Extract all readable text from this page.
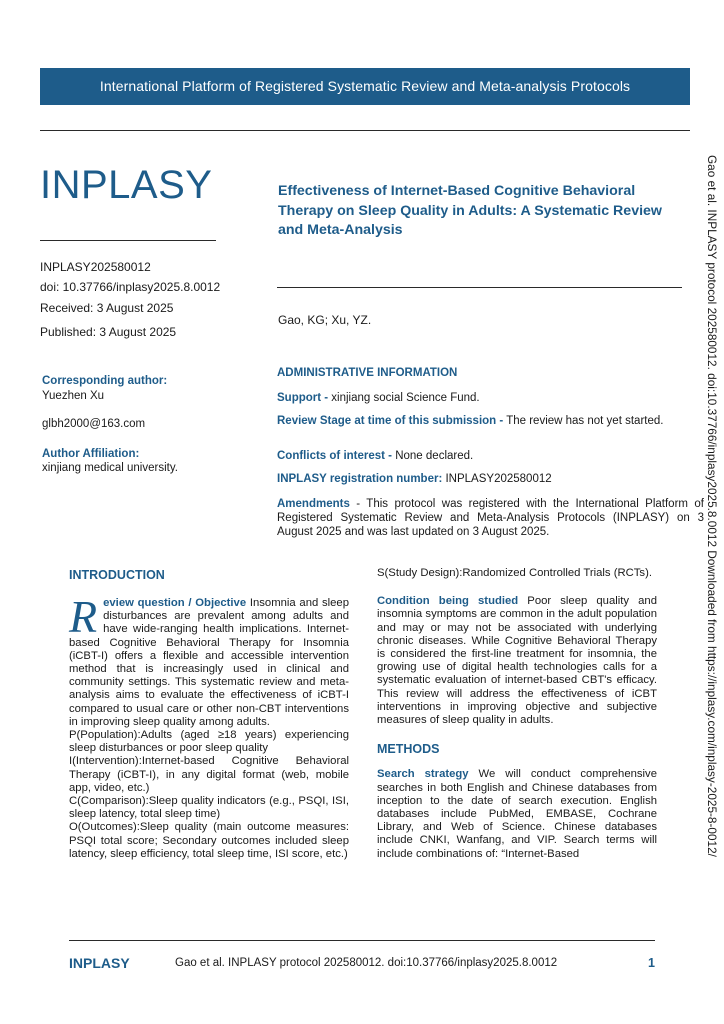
International Platform of Registered Systematic Review and Meta-analysis Protocols
INPLASY
INPLASY202580012
doi: 10.37766/inplasy2025.8.0012
Received: 3 August 2025
Published: 3 August 2025
Effectiveness of Internet-Based Cognitive Behavioral Therapy on Sleep Quality in Adults: A Systematic Review and Meta-Analysis
Gao, KG; Xu, YZ.
Corresponding author:
Yuezhen Xu
glbh2000@163.com
Author Affiliation:
xinjiang medical university.
ADMINISTRATIVE INFORMATION
Support - xinjiang social Science Fund.
Review Stage at time of this submission - The review has not yet started.
Conflicts of interest - None declared.
INPLASY registration number: INPLASY202580012
Amendments - This protocol was registered with the International Platform of Registered Systematic Review and Meta-Analysis Protocols (INPLASY) on 3 August 2025 and was last updated on 3 August 2025.	Gao et al. INPLASY protocol 202580012. doi:10.37766/inplasy2025.8.0012 Downloaded from https://inplasy.com/inplasy-2025-8-0012/
INTRODUCTION

Review question / Objective Insomnia and sleep disturbances are prevalent among adults and have wide-ranging health implications. Internet-based Cognitive Behavioral Therapy for Insomnia (iCBT-I) offers a flexible and accessible intervention method that is increasingly used in clinical and community settings. This systematic review and meta-analysis aims to evaluate the effectiveness of iCBT-I compared to usual care or other non-CBT interventions in improving sleep quality among adults.

P(Population):Adults (aged ≥18 years) experiencing sleep disturbances or poor sleep quality

I(Intervention):Internet-based Cognitive Behavioral Therapy (iCBT-I), in any digital format (web, mobile app, video, etc.)

C(Comparison):Sleep quality indicators (e.g., PSQI, ISI, sleep latency, total sleep time)

O(Outcomes):Sleep quality (main outcome measures: PSQI total score; Secondary outcomes included sleep latency, sleep efficiency, total sleep time, ISI score, etc.)

S(Study Design):Randomized Controlled Trials (RCTs).

Condition being studied Poor sleep quality and insomnia symptoms are common in the adult population and may or may not be associated with underlying chronic diseases. While Cognitive Behavioral Therapy is considered the first-line treatment for insomnia, the growing use of digital health technologies calls for a systematic evaluation of internet-based CBT's efficacy. This review will address the effectiveness of iCBT interventions in improving objective and subjective measures of sleep quality in adults.

METHODS

Search strategy We will conduct comprehensive searches in both English and Chinese databases from inception to the date of search execution. English databases include PubMed, EMBASE, Cochrane Library, and Web of Science. Chinese databases include CNKI, Wanfang, and VIP. Search terms will include combinations of: “Internet-Based

INPLASY	Gao et al. INPLASY protocol 202580012. doi:10.37766/inplasy2025.8.0012	1
